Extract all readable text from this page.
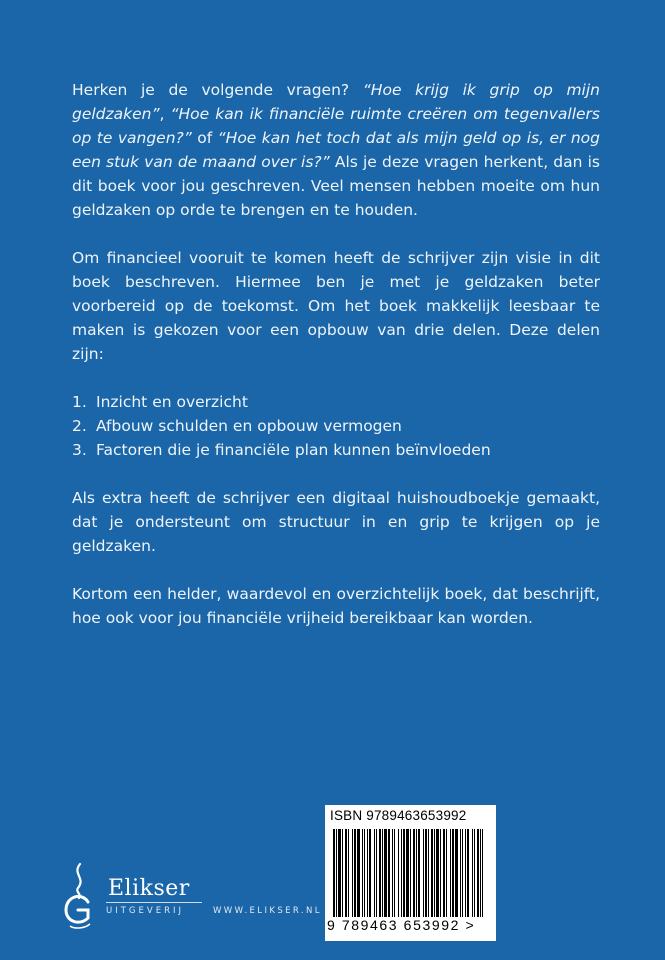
Herken je de volgende vragen? “Hoe krijg ik grip op mijn geldzaken”, “Hoe kan ik financiële ruimte creëren om tegenvallers op te vangen?” of “Hoe kan het toch dat als mijn geld op is, er nog een stuk van de maand over is?” Als je deze vragen herkent, dan is dit boek voor jou geschreven. Veel mensen hebben moeite om hun geldzaken op orde te brengen en te houden.

Om financieel vooruit te komen heeft de schrijver zijn visie in dit boek beschreven. Hiermee ben je met je geldzaken beter voorbereid op de toekomst. Om het boek makkelijk leesbaar te maken is gekozen voor een opbouw van drie delen. Deze delen zijn:

1. Inzicht en overzicht
2. Afbouw schulden en opbouw vermogen
3. Factoren die je financiële plan kunnen beïnvloeden

Als extra heeft de schrijver een digitaal huishoudboekje gemaakt, dat je ondersteunt om structuur in en grip te krijgen op je geldzaken.

Kortom een helder, waardevol en overzichtelijk boek, dat beschrijft, hoe ook voor jou financiële vrijheid bereikbaar kan worden.

Elikser
UITGEVERIJ	WWW.ELIKSER.NL
ISBN 9789463653992
9 789463 653992 >
